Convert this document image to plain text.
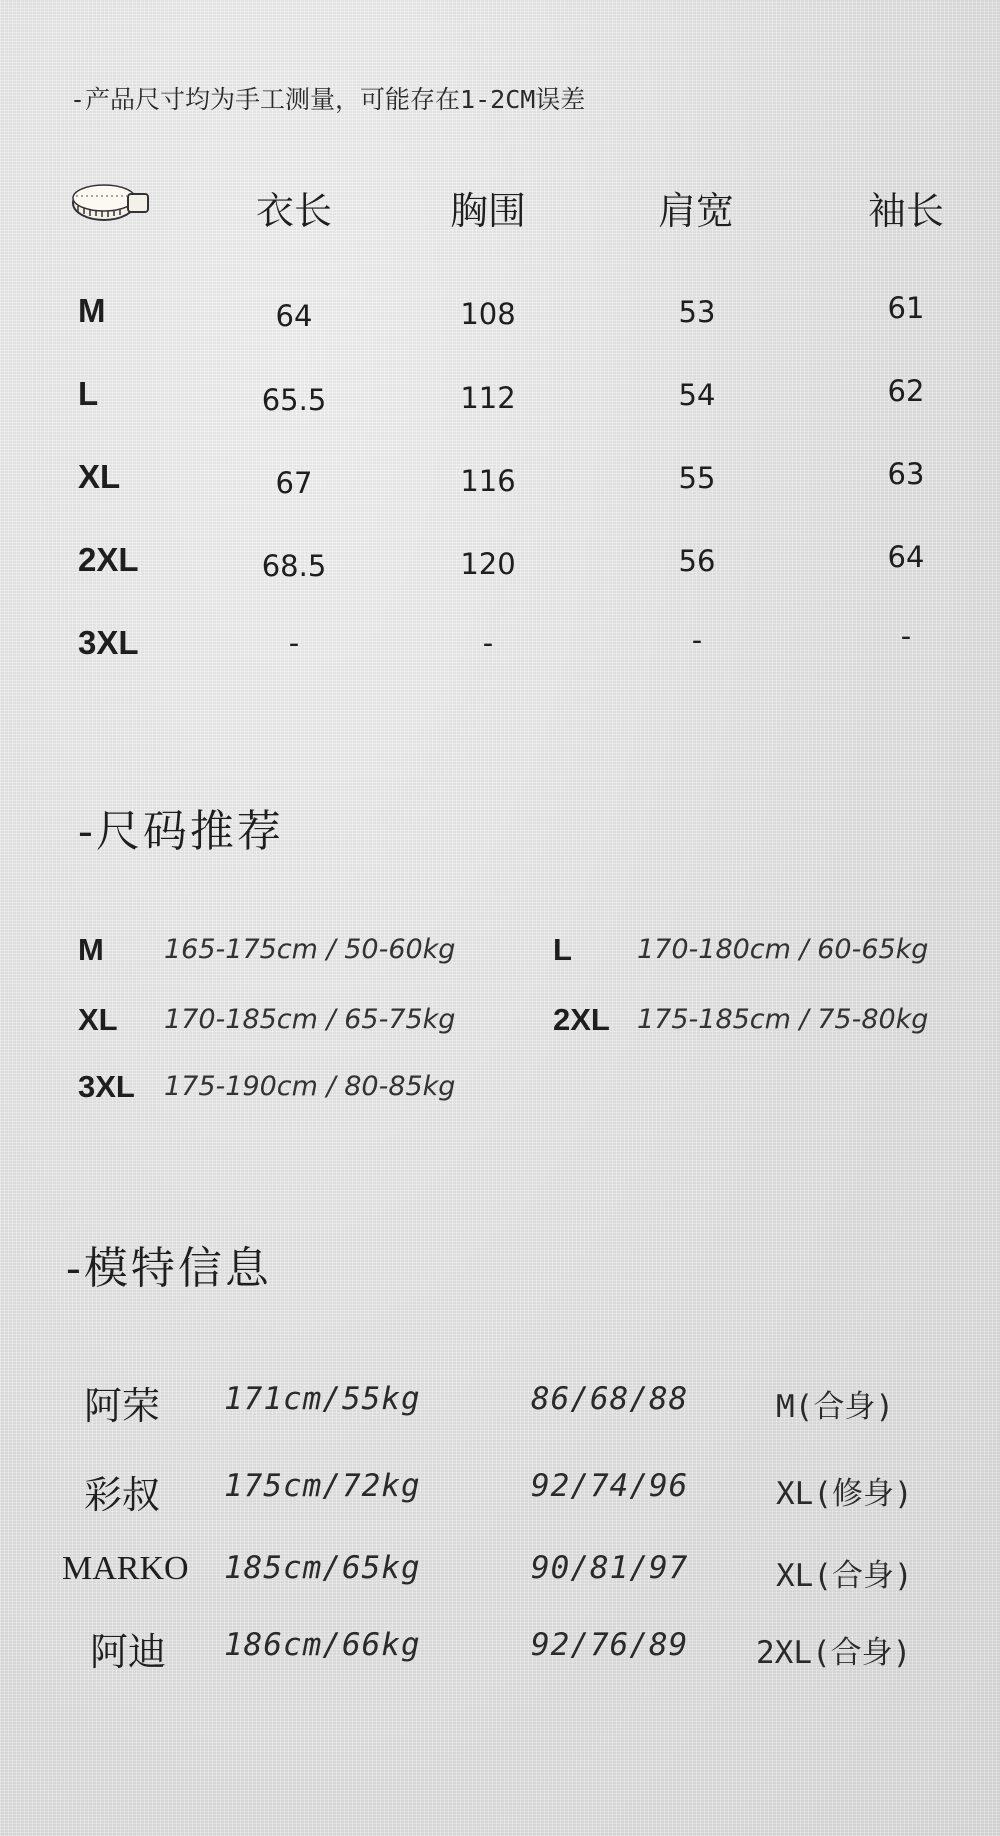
-产品尺寸均为手工测量，可能存在1-2CM误差
衣长	胸围	肩宽	袖长
M	64	108	53	61
L	65.5	112	54	62
XL	67	116	55	63
2XL	68.5	120	56	64
3XL	-	-	-	-
-尺码推荐
M 165-175cm / 50-60kg	L 170-180cm / 60-65kg
XL 170-185cm / 65-75kg	2XL 175-185cm / 75-80kg
3XL 175-190cm / 80-85kg
-模特信息
阿荣 171cm/55kg	86/68/88	M(合身)
彩叔 175cm/72kg	92/74/96	XL(修身)
MARKO 185cm/65kg	90/81/97	XL(合身)
阿迪 186cm/66kg	92/76/89 2XL(合身)
